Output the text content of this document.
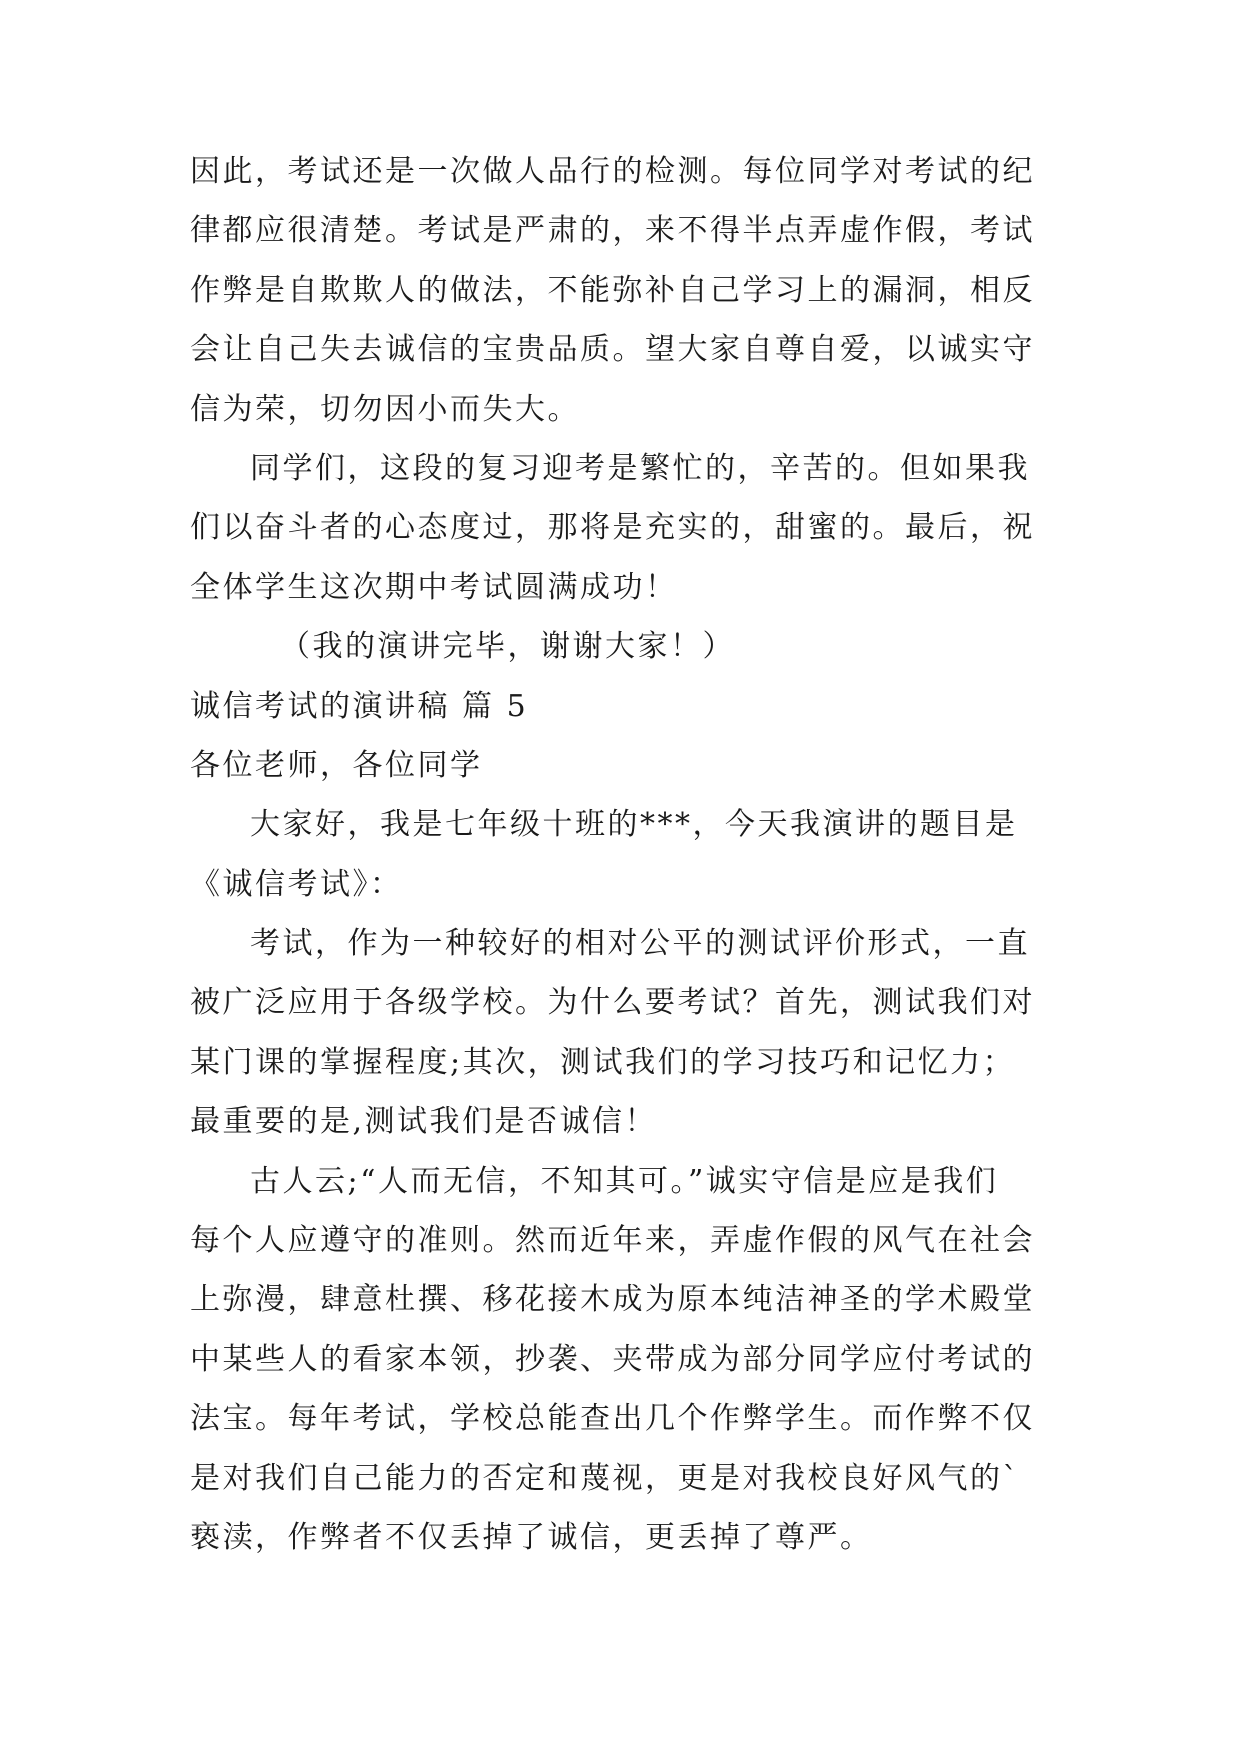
因此，考试还是一次做人品行的检测。每位同学对考试的纪
律都应很清楚。考试是严肃的，来不得半点弄虚作假，考试
作弊是自欺欺人的做法，不能弥补自己学习上的漏洞，相反
会让自己失去诚信的宝贵品质。望大家自尊自爱，以诚实守
信为荣，切勿因小而失大。
同学们，这段的复习迎考是繁忙的，辛苦的。但如果我
们以奋斗者的心态度过，那将是充实的，甜蜜的。最后，祝
全体学生这次期中考试圆满成功！
（我的演讲完毕，谢谢大家！）
诚信考试的演讲稿 篇 5
各位老师，各位同学
大家好，我是七年级十班的***，今天我演讲的题目是
《诚信考试》：
考试，作为一种较好的相对公平的测试评价形式，一直
被广泛应用于各级学校。为什么要考试？首先，测试我们对
某门课的掌握程度;其次，测试我们的学习技巧和记忆力；
最重要的是,测试我们是否诚信！
古人云;“人而无信，不知其可。”诚实守信是应是我们
每个人应遵守的准则。然而近年来，弄虚作假的风气在社会
上弥漫，肆意杜撰、移花接木成为原本纯洁神圣的学术殿堂
中某些人的看家本领，抄袭、夹带成为部分同学应付考试的
法宝。每年考试，学校总能查出几个作弊学生。而作弊不仅
是对我们自己能力的否定和蔑视，更是对我校良好风气的`
亵渎，作弊者不仅丢掉了诚信，更丢掉了尊严。
